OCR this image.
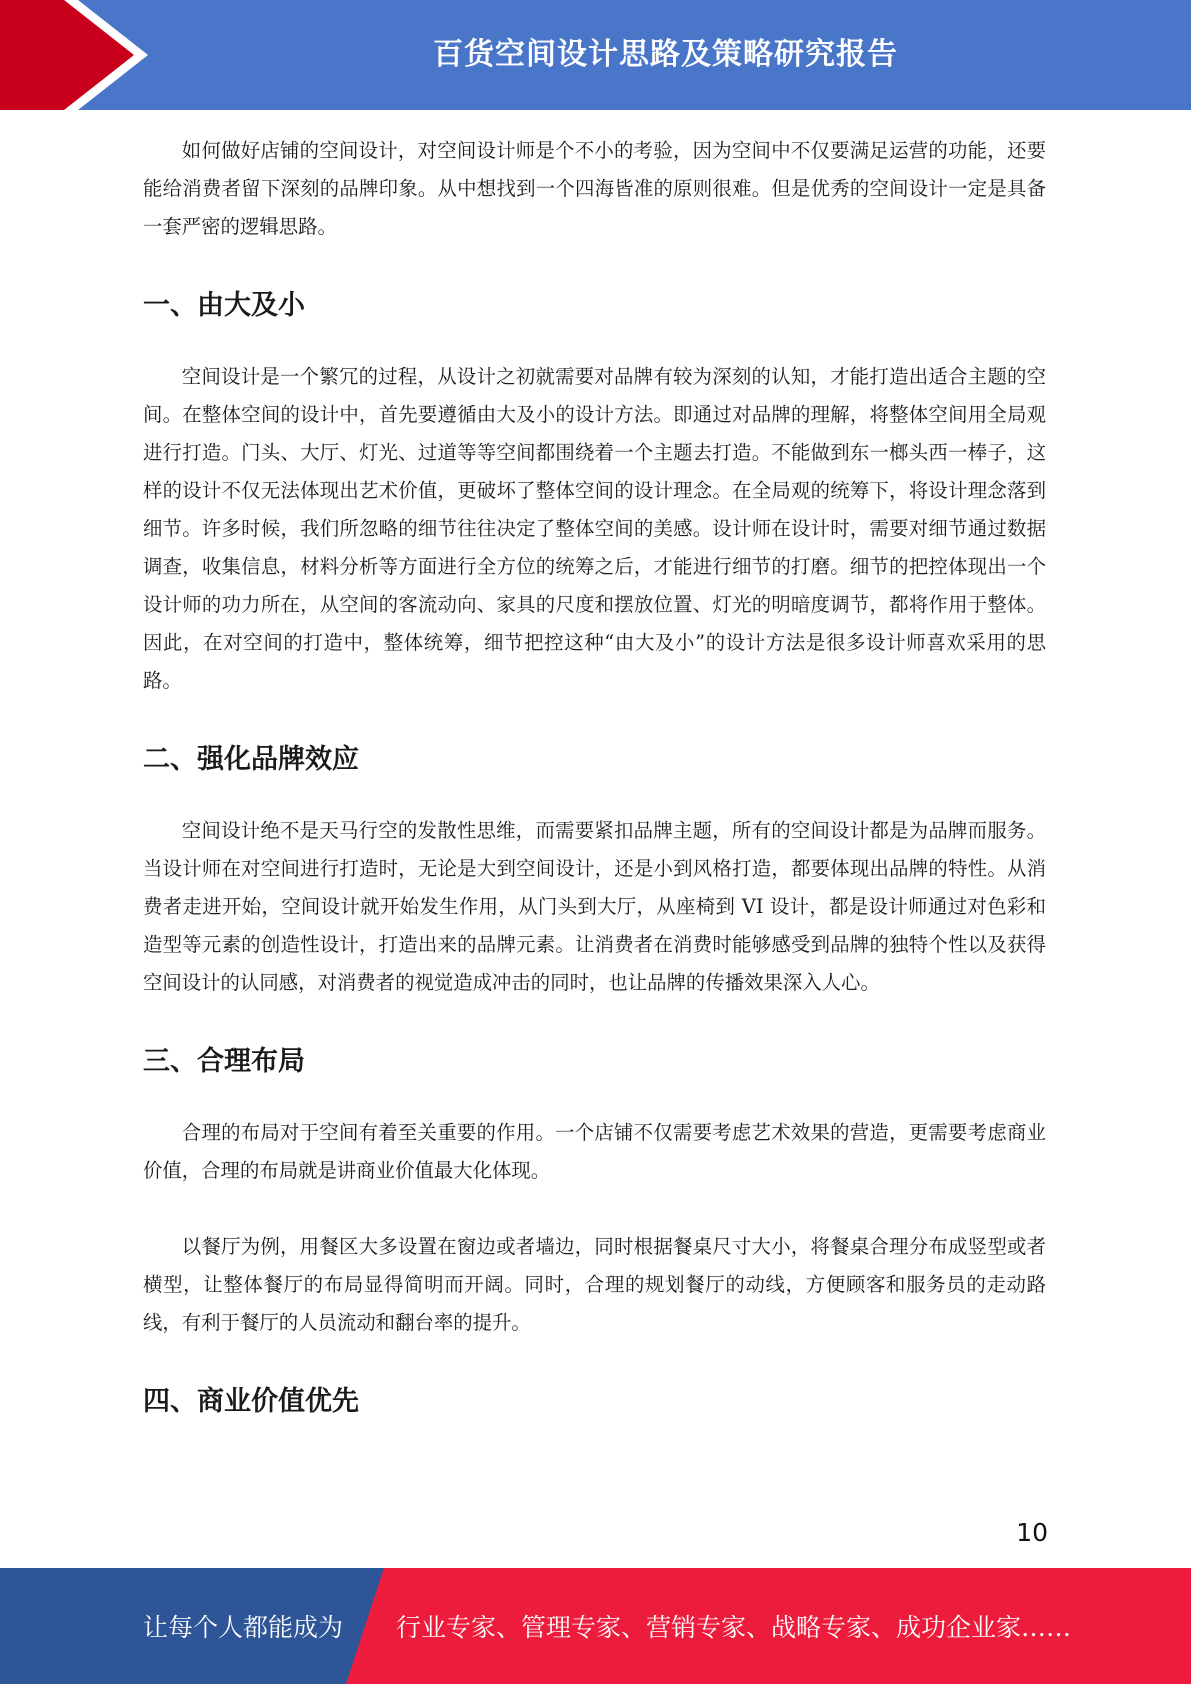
百货空间设计思路及策略研究报告

如何做好店铺的空间设计，对空间设计师是个不小的考验，因为空间中不仅要满足运营的功能，还要能给消费者留下深刻的品牌印象。从中想找到一个四海皆准的原则很难。但是优秀的空间设计一定是具备一套严密的逻辑思路。

一、由大及小

空间设计是一个繁冗的过程，从设计之初就需要对品牌有较为深刻的认知，才能打造出适合主题的空间。在整体空间的设计中，首先要遵循由大及小的设计方法。即通过对品牌的理解，将整体空间用全局观进行打造。门头、大厅、灯光、过道等等空间都围绕着一个主题去打造。不能做到东一榔头西一棒子，这样的设计不仅无法体现出艺术价值，更破坏了整体空间的设计理念。在全局观的统筹下，将设计理念落到细节。许多时候，我们所忽略的细节往往决定了整体空间的美感。设计师在设计时，需要对细节通过数据调查，收集信息，材料分析等方面进行全方位的统筹之后，才能进行细节的打磨。细节的把控体现出一个设计师的功力所在，从空间的客流动向、家具的尺度和摆放位置、灯光的明暗度调节，都将作用于整体。因此，在对空间的打造中，整体统筹，细节把控这种“由大及小”的设计方法是很多设计师喜欢采用的思路。

二、强化品牌效应

空间设计绝不是天马行空的发散性思维，而需要紧扣品牌主题，所有的空间设计都是为品牌而服务。当设计师在对空间进行打造时，无论是大到空间设计，还是小到风格打造，都要体现出品牌的特性。从消费者走进开始，空间设计就开始发生作用，从门头到大厅，从座椅到 VI 设计，都是设计师通过对色彩和造型等元素的创造性设计，打造出来的品牌元素。让消费者在消费时能够感受到品牌的独特个性以及获得空间设计的认同感，对消费者的视觉造成冲击的同时，也让品牌的传播效果深入人心。

三、合理布局

合理的布局对于空间有着至关重要的作用。一个店铺不仅需要考虑艺术效果的营造，更需要考虑商业价值，合理的布局就是讲商业价值最大化体现。

以餐厅为例，用餐区大多设置在窗边或者墙边，同时根据餐桌尺寸大小，将餐桌合理分布成竖型或者横型，让整体餐厅的布局显得简明而开阔。同时，合理的规划餐厅的动线，方便顾客和服务员的走动路线，有利于餐厅的人员流动和翻台率的提升。

四、商业价值优先
10
让每个人都能成为 行业专家、管理专家、营销专家、战略专家、成功企业家……
